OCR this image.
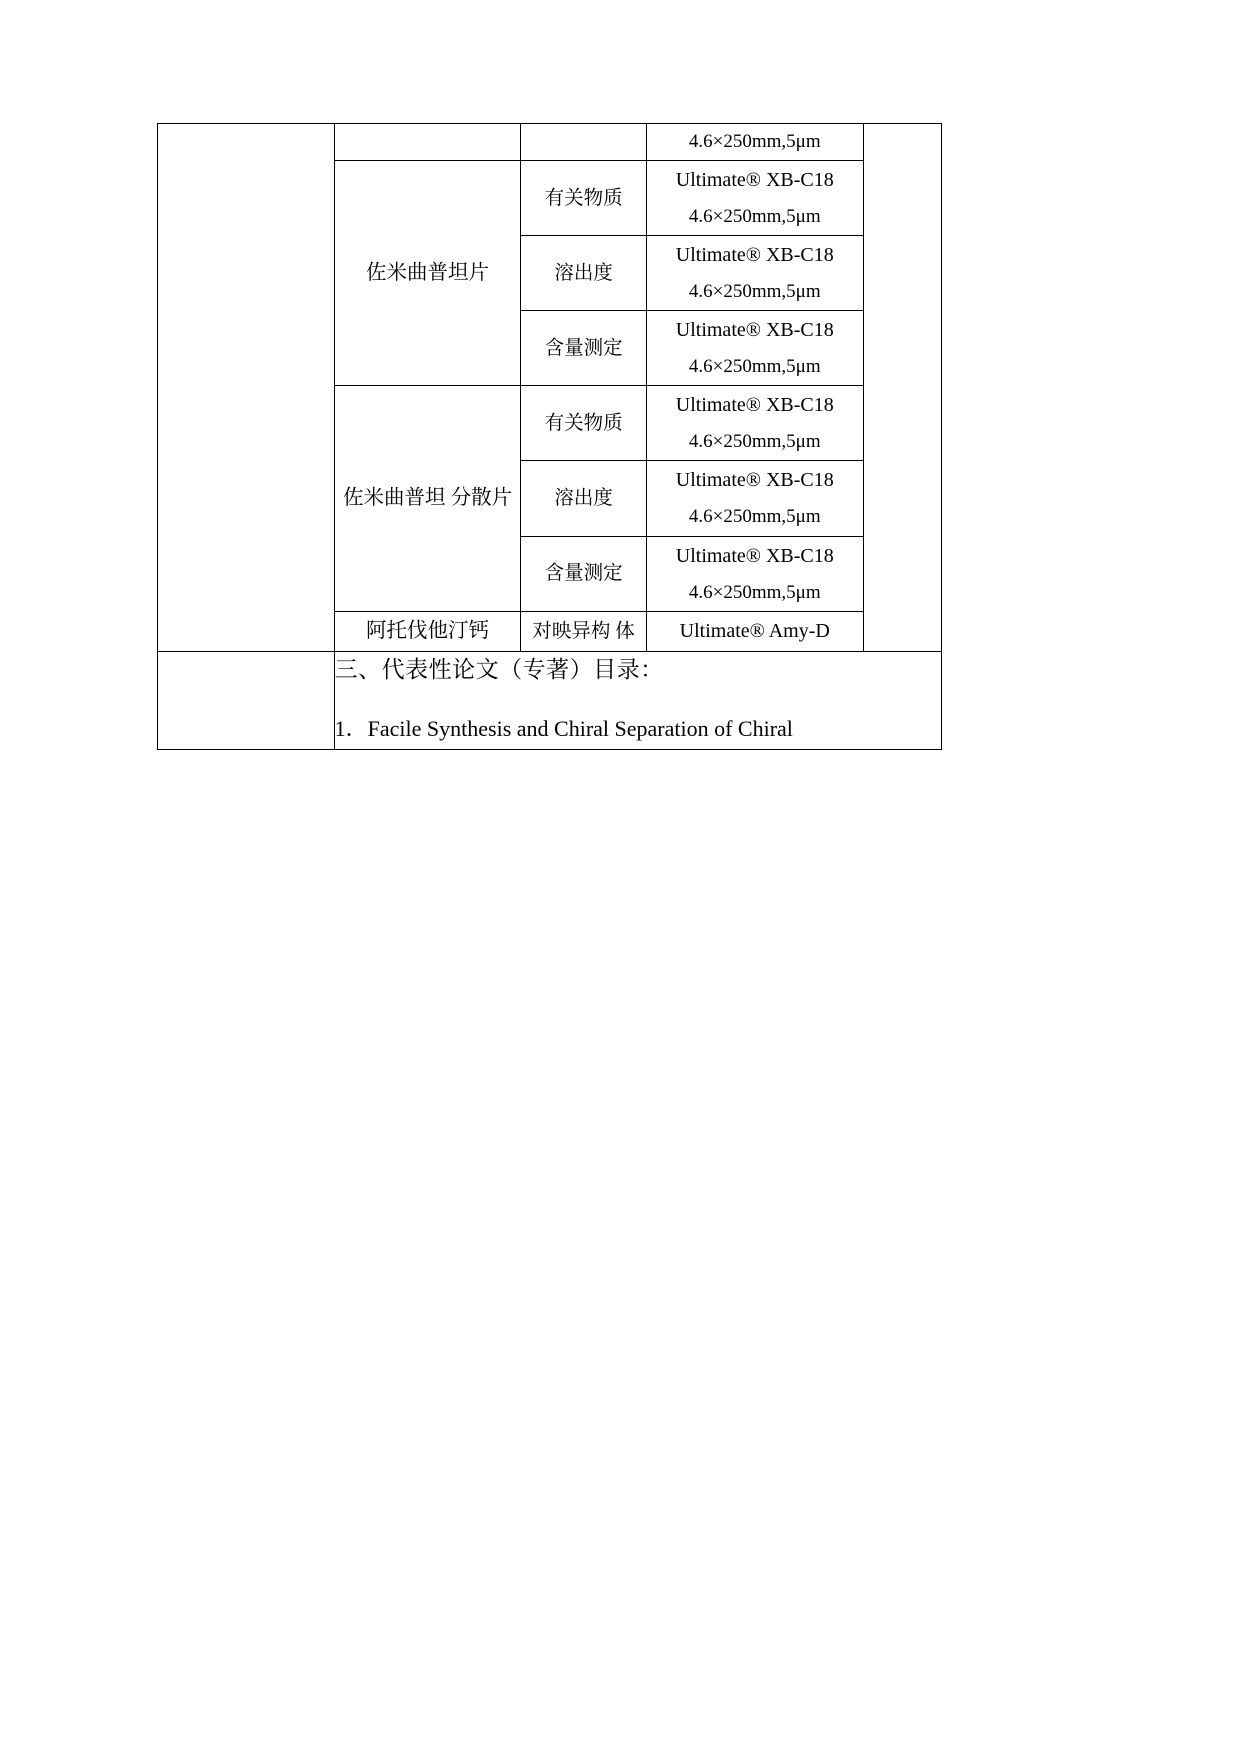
			4.6×250mm,5μm	

	佐米曲普坦片	有关物质	Ultimate® XB-C18
4.6×250mm,5μm	

		溶出度	Ultimate® XB-C18
4.6×250mm,5μm	

		含量测定	Ultimate® XB-C18
4.6×250mm,5μm	

	佐米曲普坦 分散片	有关物质	Ultimate® XB-C18
4.6×250mm,5μm	

		溶出度	Ultimate® XB-C18
4.6×250mm,5μm	

		含量测定	Ultimate® XB-C18
4.6×250mm,5μm	

	阿托伐他汀钙	对映异构 体	Ultimate® Amy-D	

	三、代表性论文（专著）目录：
1．Facile Synthesis and Chiral Separation of Chiral			
